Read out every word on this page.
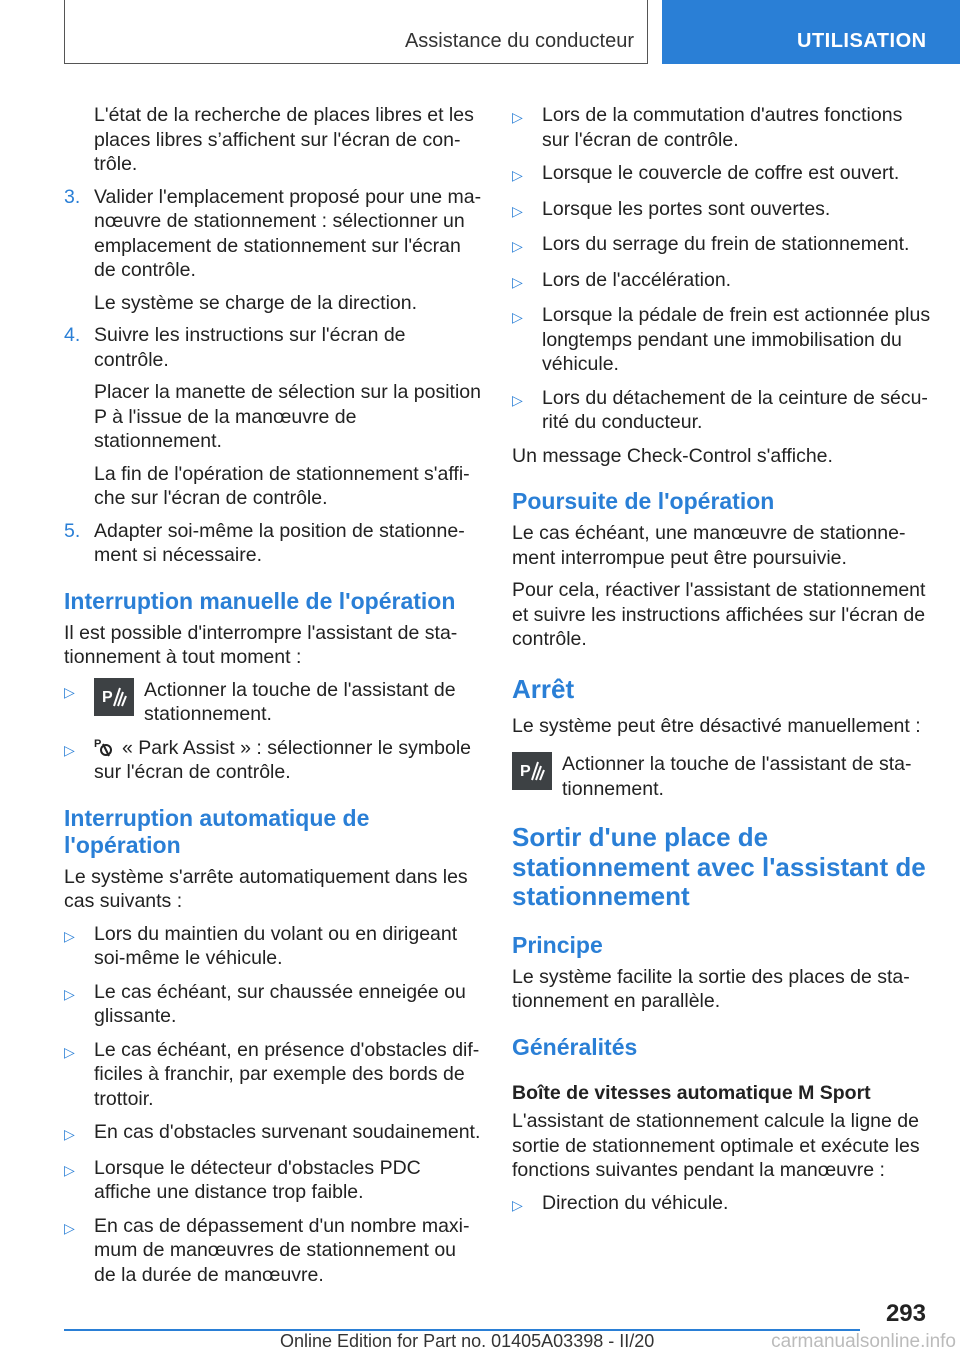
Assistance du conducteur	UTILISATION

L'état de la recherche de places libres et les places libres s’affichent sur l'écran de con‐trôle.

3. Valider l'emplacement proposé pour une ma‐nœuvre de stationnement : sélectionner un emplacement de stationnement sur l'écran de contrôle.

Le système se charge de la direction.

4. Suivre les instructions sur l'écran de contrôle.

Placer la manette de sélection sur la position P à l'issue de la manœuvre de stationnement.

La fin de l'opération de stationnement s'affi‐che sur l'écran de contrôle.

5. Adapter soi-même la position de stationne‐ment si nécessaire.
Interruption manuelle de l'opération

Il est possible d'interrompre l'assistant de sta‐tionnement à tout moment :

▷	P Actionner la touche de l'assistant de stationnement.
▷	P « Park Assist » : sélectionner le symbole sur l'écran de contrôle.
Interruption automatique de l'opération

Le système s'arrête automatiquement dans les cas suivants :

▷ Lors du maintien du volant ou en dirigeant soi-même le véhicule.
▷ Le cas échéant, sur chaussée enneigée ou glissante.
▷ Le cas échéant, en présence d'obstacles dif‐ficiles à franchir, par exemple des bords de trottoir.
▷ En cas d'obstacles survenant soudainement.
▷ Lorsque le détecteur d'obstacles PDC affiche une distance trop faible.
▷ En cas de dépassement d'un nombre maxi‐mum de manœuvres de stationnement ou de la durée de manœuvre.
▷ Lors de la commutation d'autres fonctions sur l'écran de contrôle.
▷ Lorsque le couvercle de coffre est ouvert.
▷ Lorsque les portes sont ouvertes.
▷ Lors du serrage du frein de stationnement.
▷ Lors de l'accélération.
▷ Lorsque la pédale de frein est actionnée plus longtemps pendant une immobilisation du véhicule.
▷ Lors du détachement de la ceinture de sécu‐rité du conducteur.

Un message Check-Control s'affiche.

Poursuite de l'opération

Le cas échéant, une manœuvre de stationne‐ment interrompue peut être poursuivie.

Pour cela, réactiver l'assistant de stationnement et suivre les instructions affichées sur l'écran de contrôle.

Arrêt

Le système peut être désactivé manuellement :

P Actionner la touche de l'assistant de sta‐tionnement.
Sortir d'une place de stationnement avec l'assistant de stationnement
Principe

Le système facilite la sortie des places de sta‐tionnement en parallèle.

Généralités
Boîte de vitesses automatique M Sport

L'assistant de stationnement calcule la ligne de sortie de stationnement optimale et exécute les fonctions suivantes pendant la manœuvre :

▷ Direction du véhicule.
293
Online Edition for Part no. 01405A03398 - II/20	carmanualsonline.info
